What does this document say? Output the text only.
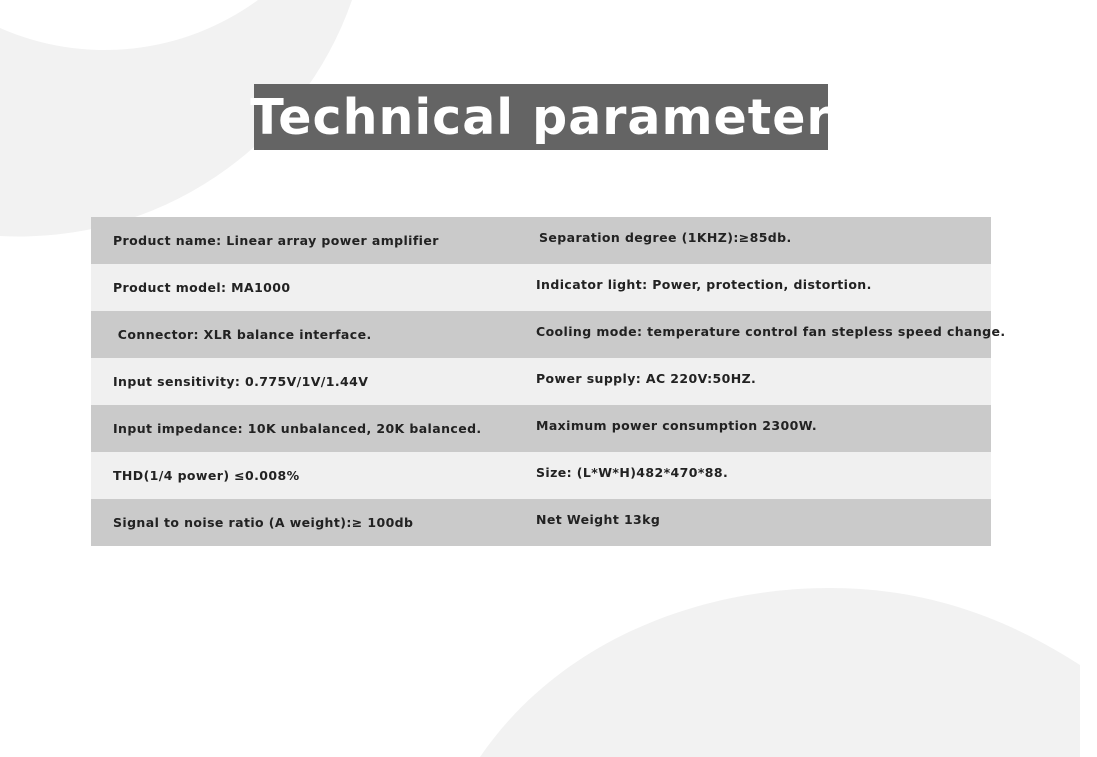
Technical parameter
Product name: Linear array power amplifier	Separation degree (1KHZ):≥85db.
Product model: MA1000	Indicator light: Power, protection, distortion.
Connector: XLR balance interface.	Cooling mode: temperature control fan stepless speed change.
Input sensitivity: 0.775V/1V/1.44V	Power supply: AC 220V:50HZ.
Input impedance: 10K unbalanced, 20K balanced.	Maximum power consumption 2300W.
THD(1/4 power) ≤0.008%	Size: (L*W*H)482*470*88.
Signal to noise ratio (A weight):≥ 100db	Net Weight 13kg
